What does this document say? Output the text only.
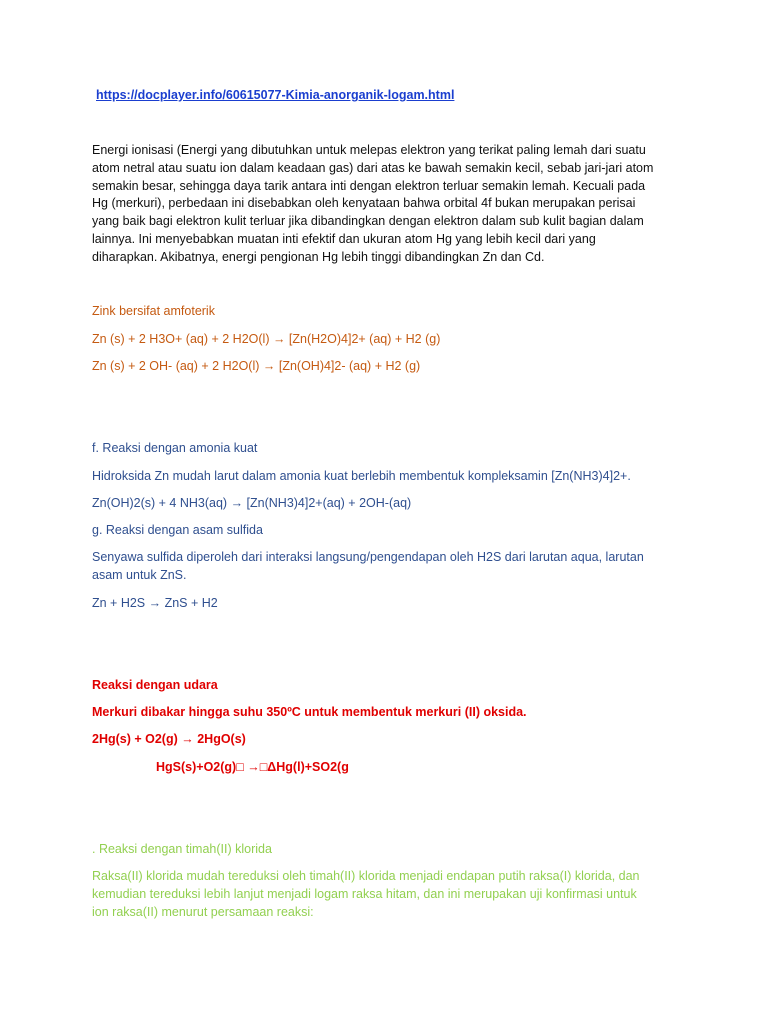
https://docplayer.info/60615077-Kimia-anorganik-logam.html
Energi ionisasi (Energi yang dibutuhkan untuk melepas elektron yang terikat paling lemah dari suatu
atom netral atau suatu ion dalam keadaan gas) dari atas ke bawah semakin kecil, sebab jari-jari atom
semakin besar, sehingga daya tarik antara inti dengan elektron terluar semakin lemah. Kecuali pada
Hg (merkuri), perbedaan ini disebabkan oleh kenyataan bahwa orbital 4f bukan merupakan perisai
yang baik bagi elektron kulit terluar jika dibandingkan dengan elektron dalam sub kulit bagian dalam
lainnya. Ini menyebabkan muatan inti efektif dan ukuran atom Hg yang lebih kecil dari yang
diharapkan. Akibatnya, energi pengionan Hg lebih tinggi dibandingkan Zn dan Cd.
Zink bersifat amfoterik
Zn (s) + 2 H3O+ (aq) + 2 H2O(l) → [Zn(H2O)4]2+ (aq) + H2 (g)
Zn (s) + 2 OH- (aq) + 2 H2O(l) → [Zn(OH)4]2- (aq) + H2 (g)
f. Reaksi dengan amonia kuat
Hidroksida Zn mudah larut dalam amonia kuat berlebih membentuk kompleksamin [Zn(NH3)4]2+.
Zn(OH)2(s) + 4 NH3(aq) → [Zn(NH3)4]2+(aq) + 2OH-(aq)
g. Reaksi dengan asam sulfida
Senyawa sulfida diperoleh dari interaksi langsung/pengendapan oleh H2S dari larutan aqua, larutan
asam untuk ZnS.
Zn + H2S → ZnS + H2
Reaksi dengan udara
Merkuri dibakar hingga suhu 350ºC untuk membentuk merkuri (II) oksida.
2Hg(s) + O2(g) → 2HgO(s)
HgS(s)+O2(g)□ →□ΔHg(l)+SO2(g
. Reaksi dengan timah(II) klorida
Raksa(II) klorida mudah tereduksi oleh timah(II) klorida menjadi endapan putih raksa(I) klorida, dan
kemudian tereduksi lebih lanjut menjadi logam raksa hitam, dan ini merupakan uji konfirmasi untuk
ion raksa(II) menurut persamaan reaksi:
